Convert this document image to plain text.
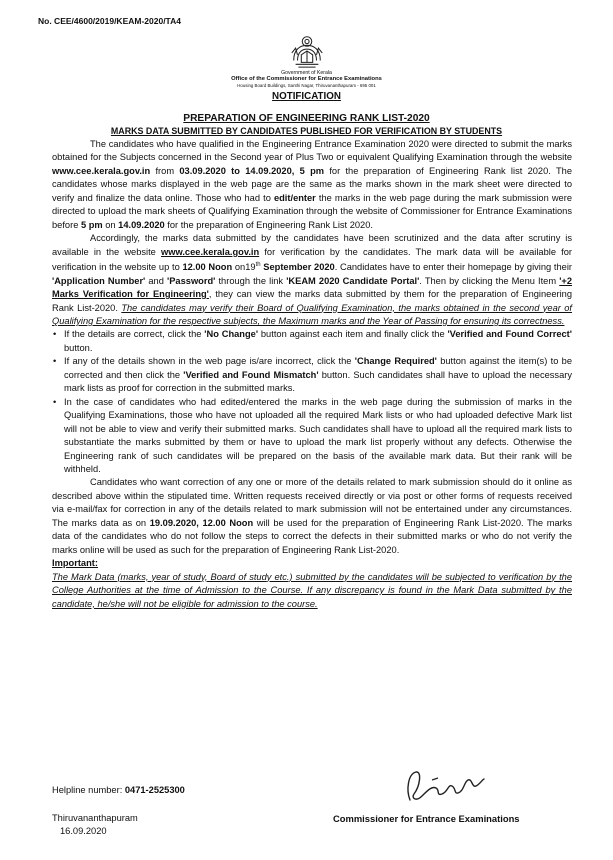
No. CEE/4600/2019/KEAM-2020/TA4
Government of Kerala
Office of the Commissioner for Entrance Examinations
Housing Board Buildings, Santhi Nagar, Thiruvananthapuram - 695 001
NOTIFICATION
PREPARATION OF ENGINEERING RANK LIST-2020
MARKS DATA SUBMITTED BY CANDIDATES PUBLISHED FOR VERIFICATION BY STUDENTS

The candidates who have qualified in the Engineering Entrance Examination 2020 were directed to submit the marks obtained for the Subjects concerned in the Second year of Plus Two or equivalent Qualifying Examination through the website www.cee.kerala.gov.in from 03.09.2020 to 14.09.2020, 5 pm for the preparation of Engineering Rank list 2020. The candidates whose marks displayed in the web page are the same as the marks shown in the mark sheet were directed to verify and finalize the data online. Those who had to edit/enter the marks in the web page during the mark submission were directed to upload the mark sheets of Qualifying Examination through the website of Commissioner for Entrance Examinations before 5 pm on 14.09.2020 for the preparation of Engineering Rank List 2020.

Accordingly, the marks data submitted by the candidates have been scrutinized and the data after scrutiny is available in the website www.cee.kerala.gov.in for verification by the candidates. The mark data will be available for verification in the website up to 12.00 Noon on19th September 2020. Candidates have to enter their homepage by giving their 'Application Number' and 'Password' through the link 'KEAM 2020 Candidate Portal'. Then by clicking the Menu Item '+2 Marks Verification for Engineering', they can view the marks data submitted by them for the preparation of Engineering Rank List-2020. The candidates may verify their Board of Qualifying Examination, the marks obtained in the second year of Qualifying Examination for the respective subjects, the Maximum marks and the Year of Passing for ensuring its correctness.

• If the details are correct, click the 'No Change' button against each item and finally click the 'Verified and Found Correct' button.
• If any of the details shown in the web page is/are incorrect, click the 'Change Required' button against the item(s) to be corrected and then click the 'Verified and Found Mismatch' button. Such candidates shall have to upload the necessary mark lists as proof for correction in the submitted marks.
• In the case of candidates who had edited/entered the marks in the web page during the submission of marks in the Qualifying Examinations, those who have not uploaded all the required Mark lists or who had uploaded defective Mark list will not be able to view and verify their submitted marks. Such candidates shall have to upload all the required mark lists to substantiate the marks submitted by them or have to upload the mark list properly without any defects. Otherwise the Engineering rank of such candidates will be prepared on the basis of the available mark data. But their rank will be withheld.

Candidates who want correction of any one or more of the details related to mark submission should do it online as described above within the stipulated time. Written requests received directly or via post or other forms of requests received via e-mail/fax for correction in any of the details related to mark submission will not be entertained under any circumstances. The marks data as on 19.09.2020, 12.00 Noon will be used for the preparation of Engineering Rank List-2020. The marks data of the candidates who do not follow the steps to correct the defects in their submitted marks or who do not verify the marks online will be used as such for the preparation of Engineering Rank List-2020.

Important:
The Mark Data (marks, year of study, Board of study etc.) submitted by the candidates will be subjected to verification by the College Authorities at the time of Admission to the Course. If any discrepancy is found in the Mark Data submitted by the candidate, he/she will not be eligible for admission to the course.
Helpline number: 0471-2525300
Thiruvananthapuram
16.09.2020
Commissioner for Entrance Examinations
